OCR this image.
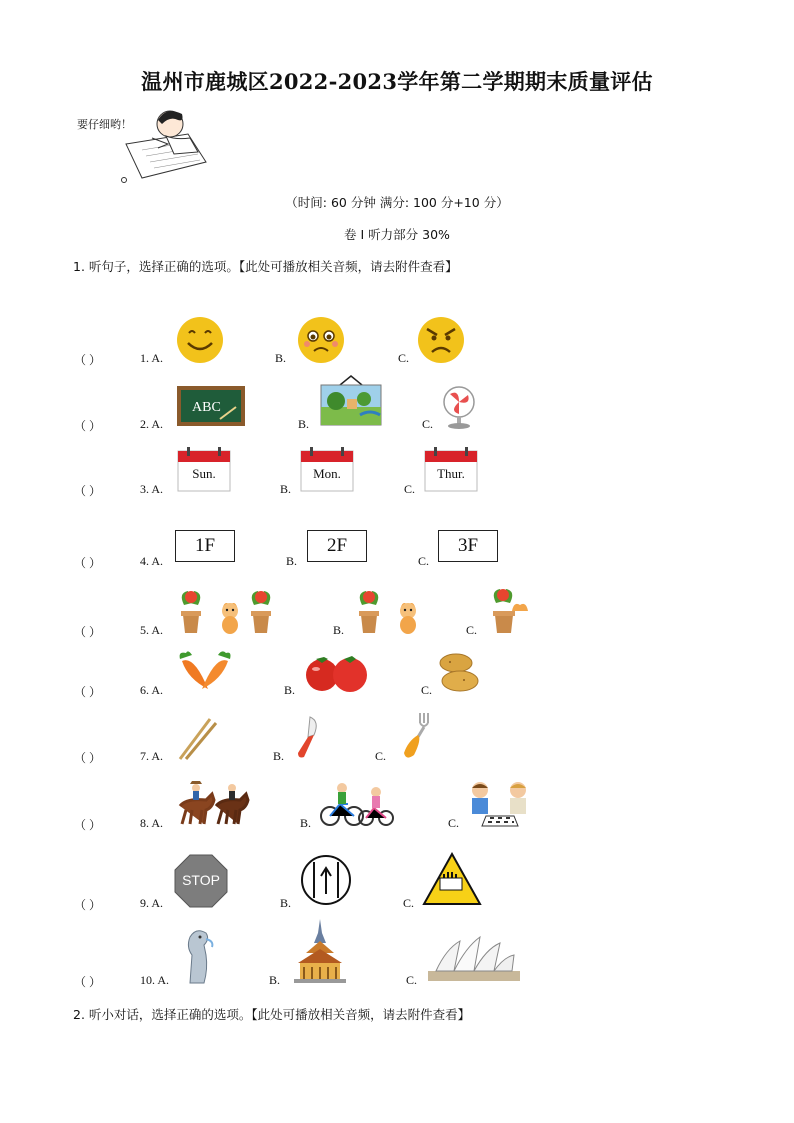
温州市鹿城区2022-2023学年第二学期期末质量评估
要仔细哟！
（时间: 60 分钟 满分: 100 分+10 分）
卷 I 听力部分 30%
1. 听句子，选择正确的选项。【此处可播放相关音频，请去附件查看】
（ ）	1. A.	B.	C.
（ ）	2. A.	B.	C.
ABC
（ ）	3. A.	B.	C.
Sun.	Mon.	Thur.
（ ）	4. A.	B.	C.
1F	2F	3F
（ ）	5. A.	B.	C.
（ ）	6. A.	B.	C.
（ ）	7. A.	B.	C.
（ ）	8. A.	B.	C.
（ ）	9. A.	B.	C.
STOP
（ ）	10. A.	B.	C.
2. 听小对话，选择正确的选项。【此处可播放相关音频，请去附件查看】
